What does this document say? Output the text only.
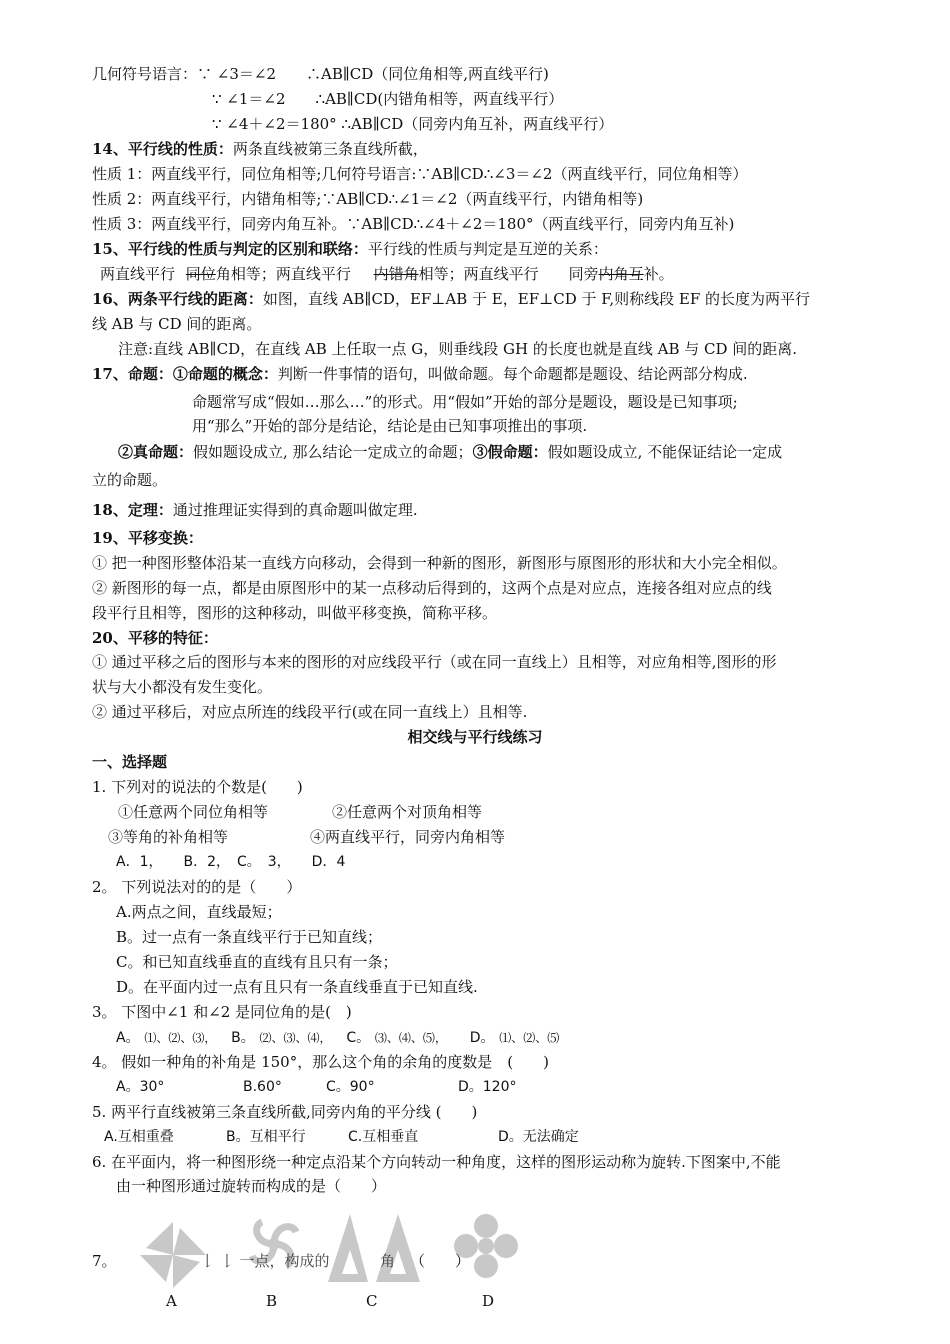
几何符号语言：∵ ∠3＝∠2　　∴AB∥CD（同位角相等,两直线平行)
∵ ∠1＝∠2　　∴AB∥CD(内错角相等，两直线平行）
∵ ∠4＋∠2＝180° ∴AB∥CD（同旁内角互补，两直线平行）
14、平行线的性质：两条直线被第三条直线所截，
性质 1：两直线平行，同位角相等;几何符号语言:∵AB∥CD∴∠3＝∠2（两直线平行，同位角相等）
性质 2：两直线平行，内错角相等;∵AB∥CD∴∠1＝∠2（两直线平行，内错角相等)
性质 3：两直线平行，同旁内角互补。∵AB∥CD∴∠4＋∠2＝180°（两直线平行，同旁内角互补)
15、平行线的性质与判定的区别和联络：平行线的性质与判定是互逆的关系：
两直线平行 同位角相等；两直线平行 内错角相等；两直线平行　　同旁内角互补。
16、两条平行线的距离：如图，直线 AB∥CD，EF⊥AB 于 E，EF⊥CD 于 F,则称线段 EF 的长度为两平行
线 AB 与 CD 间的距离。
注意:直线 AB∥CD，在直线 AB 上任取一点 G，则垂线段 GH 的长度也就是直线 AB 与 CD 间的距离.
17、命题：①命题的概念：判断一件事情的语句，叫做命题。每个命题都是题设、结论两部分构成.
命题常写成“假如…那么…”的形式。用“假如”开始的部分是题设，题设是已知事项;
用“那么”开始的部分是结论，结论是由已知事项推出的事项.
②真命题：假如题设成立, 那么结论一定成立的命题；③假命题：假如题设成立, 不能保证结论一定成
立的命题。
18、定理：通过推理证实得到的真命题叫做定理.
19、平移变换：
① 把一种图形整体沿某一直线方向移动，会得到一种新的图形，新图形与原图形的形状和大小完全相似。
② 新图形的每一点，都是由原图形中的某一点移动后得到的，这两个点是对应点，连接各组对应点的线
段平行且相等，图形的这种移动，叫做平移变换，简称平移。
20、平移的特征：
① 通过平移之后的图形与本来的图形的对应线段平行（或在同一直线上）且相等，对应角相等,图形的形
状与大小都没有发生变化。
② 通过平移后，对应点所连的线段平行(或在同一直线上）且相等.
相交线与平行线练习
一、选择题
1. 下列对的说法的个数是(　　)
①任意两个同位角相等	②任意两个对顶角相等
③等角的补角相等	④两直线平行，同旁内角相等
A．1，　　B．2，　C。　3，　　D．4
2。 下列说法对的的是（　　）
A.两点之间，直线最短；
B。过一点有一条直线平行于已知直线；
C。和已知直线垂直的直线有且只有一条；
D。在平面内过一点有且只有一条直线垂直于已知直线.
3。 下图中∠1 和∠2 是同位角的是(　)
A。 ⑴、⑵、⑶， B。 ⑵、⑶、⑷， C。 ⑶、⑷、⑸， D。 ⑴、⑵、⑸
4。 假如一种角的补角是 150°，那么这个角的余角的度数是　(　　)
A。30°	B.60°	C。90°	D。120°
5. 两平行直线被第三条直线所截,同旁内角的平分线 (　　)
A.互相重叠	B。互相平行	C.互相垂直	D。无法确定
6. 在平面内，将一种图形绕一种定点沿某个方向转动一种角度，这样的图形运动称为旋转.下图案中,不能
由一种图形通过旋转而构成的是（　　）
7。	𠄌 𠄌 一点，构成的	角 （　　）
A	B	C	D
